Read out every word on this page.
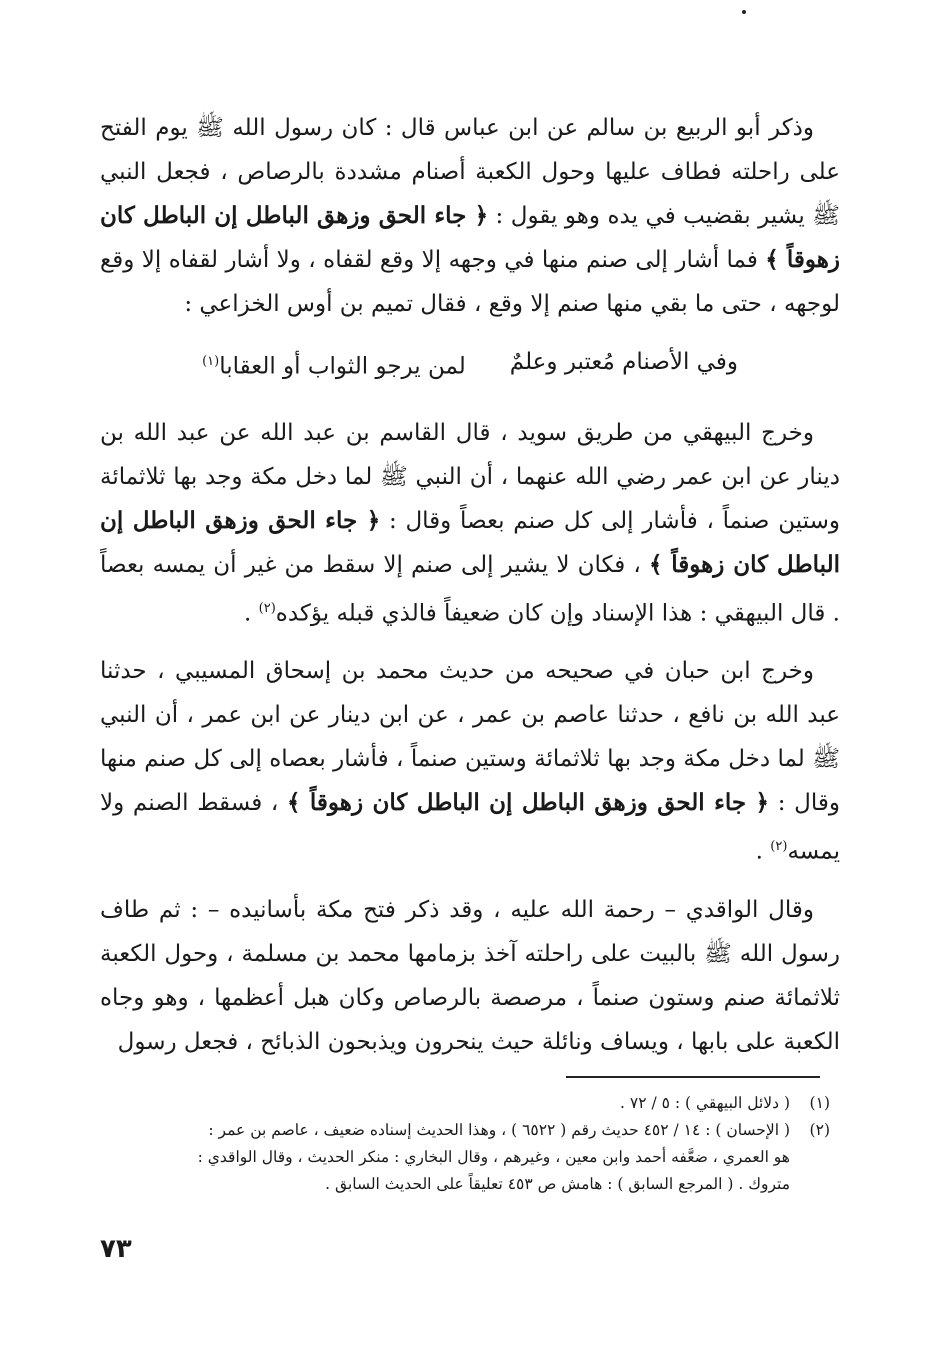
وذكر أبو الربيع بن سالم عن ابن عباس قال : كان رسول الله ﷺ يوم الفتح على راحلته فطاف عليها وحول الكعبة أصنام مشددة بالرصاص ، فجعل النبي ﷺ يشير بقضيب في يده وهو يقول : ﴿ جاء الحق وزهق الباطل إن الباطل كان زهوقاً ﴾ فما أشار إلى صنم منها في وجهه إلا وقع لقفاه ، ولا أشار لقفاه إلا وقع لوجهه ، حتى ما بقي منها صنم إلا وقع ، فقال تميم بن أوس الخزاعي :

وفي الأصنام مُعتبر وعلمٌ
لمن يرجو الثواب أو العقابا$^{(١)}$

وخرج البيهقي من طريق سويد ، قال القاسم بن عبد الله عن عبد الله بن دينار عن ابن عمر رضي الله عنهما ، أن النبي ﷺ لما دخل مكة وجد بها ثلاثمائة وستين صنماً ، فأشار إلى كل صنم بعصاً وقال : ﴿ جاء الحق وزهق الباطل إن الباطل كان زهوقاً ﴾ ، فكان لا يشير إلى صنم إلا سقط من غير أن يمسه بعصاً . قال البيهقي : هذا الإسناد وإن كان ضعيفاً فالذي قبله يؤكده$^{(٢)}$ .

وخرج ابن حبان في صحيحه من حديث محمد بن إسحاق المسيبي ، حدثنا عبد الله بن نافع ، حدثنا عاصم بن عمر ، عن ابن دينار عن ابن عمر ، أن النبي ﷺ لما دخل مكة وجد بها ثلاثمائة وستين صنماً ، فأشار بعصاه إلى كل صنم منها وقال : ﴿ جاء الحق وزهق الباطل إن الباطل كان زهوقاً ﴾ ، فسقط الصنم ولا يمسه$^{(٢)}$ .

وقال الواقدي – رحمة الله عليه ، وقد ذكر فتح مكة بأسانيده – : ثم طاف رسول الله ﷺ بالبيت على راحلته آخذ بزمامها محمد بن مسلمة ، وحول الكعبة ثلاثمائة صنم وستون صنماً ، مرصصة بالرصاص وكان هبل أعظمها ، وهو وجاه الكعبة على بابها ، ويساف ونائلة حيث ينحرون ويذبحون الذبائح ، فجعل رسول

(١)
( دلائل البيهقي ) : ٥ / ٧٢ .
(٢)
( الإحسان ) : ١٤ / ٤٥٢ حديث رقم ( ٦٥٢٢ ) ، وهذا الحديث إسناده ضعيف ، عاصم بن عمر :
هو العمري ، ضعَّفه أحمد وابن معين ، وغيرهم ، وقال البخاري : منكر الحديث ، وقال الواقدي :
متروك . ( المرجع السابق ) : هامش ص ٤٥٣ تعليقاً على الحديث السابق .
٧٣
